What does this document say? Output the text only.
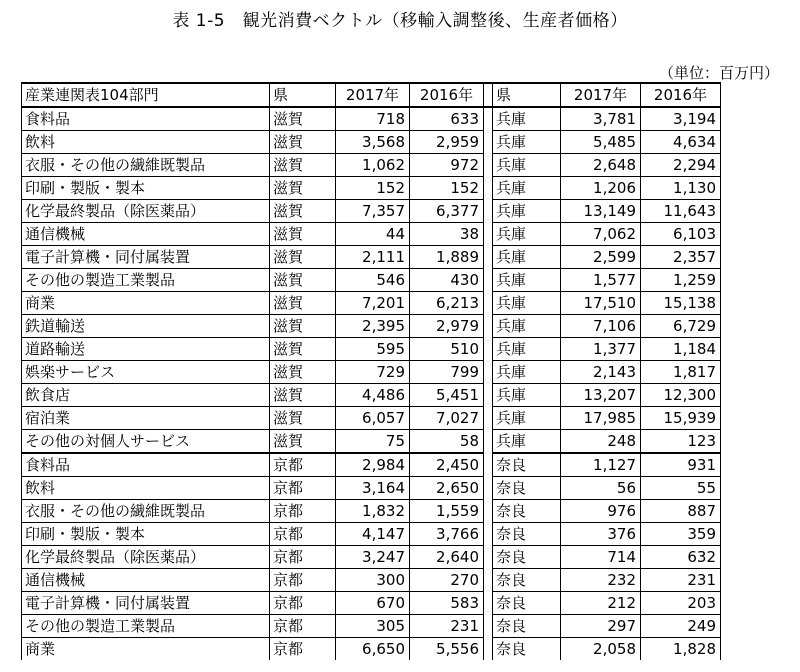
表 1-5　観光消費ベクトル（移輸入調整後、生産者価格）
（単位：百万円）
産業連関表104部門	県	2017年	2016年		県	2017年	2016年
食料品	滋賀	718	633		兵庫	3,781	3,194
飲料	滋賀	3,568	2,959		兵庫	5,485	4,634
衣服・その他の繊維既製品	滋賀	1,062	972		兵庫	2,648	2,294
印刷・製版・製本	滋賀	152	152		兵庫	1,206	1,130
化学最終製品（除医薬品）	滋賀	7,357	6,377		兵庫	13,149	11,643
通信機械	滋賀	44	38		兵庫	7,062	6,103
電子計算機・同付属装置	滋賀	2,111	1,889		兵庫	2,599	2,357
その他の製造工業製品	滋賀	546	430		兵庫	1,577	1,259
商業	滋賀	7,201	6,213		兵庫	17,510	15,138
鉄道輸送	滋賀	2,395	2,979		兵庫	7,106	6,729
道路輸送	滋賀	595	510		兵庫	1,377	1,184
娯楽サービス	滋賀	729	799		兵庫	2,143	1,817
飲食店	滋賀	4,486	5,451		兵庫	13,207	12,300
宿泊業	滋賀	6,057	7,027		兵庫	17,985	15,939
その他の対個人サービス	滋賀	75	58		兵庫	248	123
食料品	京都	2,984	2,450		奈良	1,127	931
飲料	京都	3,164	2,650		奈良	56	55
衣服・その他の繊維既製品	京都	1,832	1,559		奈良	976	887
印刷・製版・製本	京都	4,147	3,766		奈良	376	359
化学最終製品（除医薬品）	京都	3,247	2,640		奈良	714	632
通信機械	京都	300	270		奈良	232	231
電子計算機・同付属装置	京都	670	583		奈良	212	203
その他の製造工業製品	京都	305	231		奈良	297	249
商業	京都	6,650	5,556		奈良	2,058	1,828
